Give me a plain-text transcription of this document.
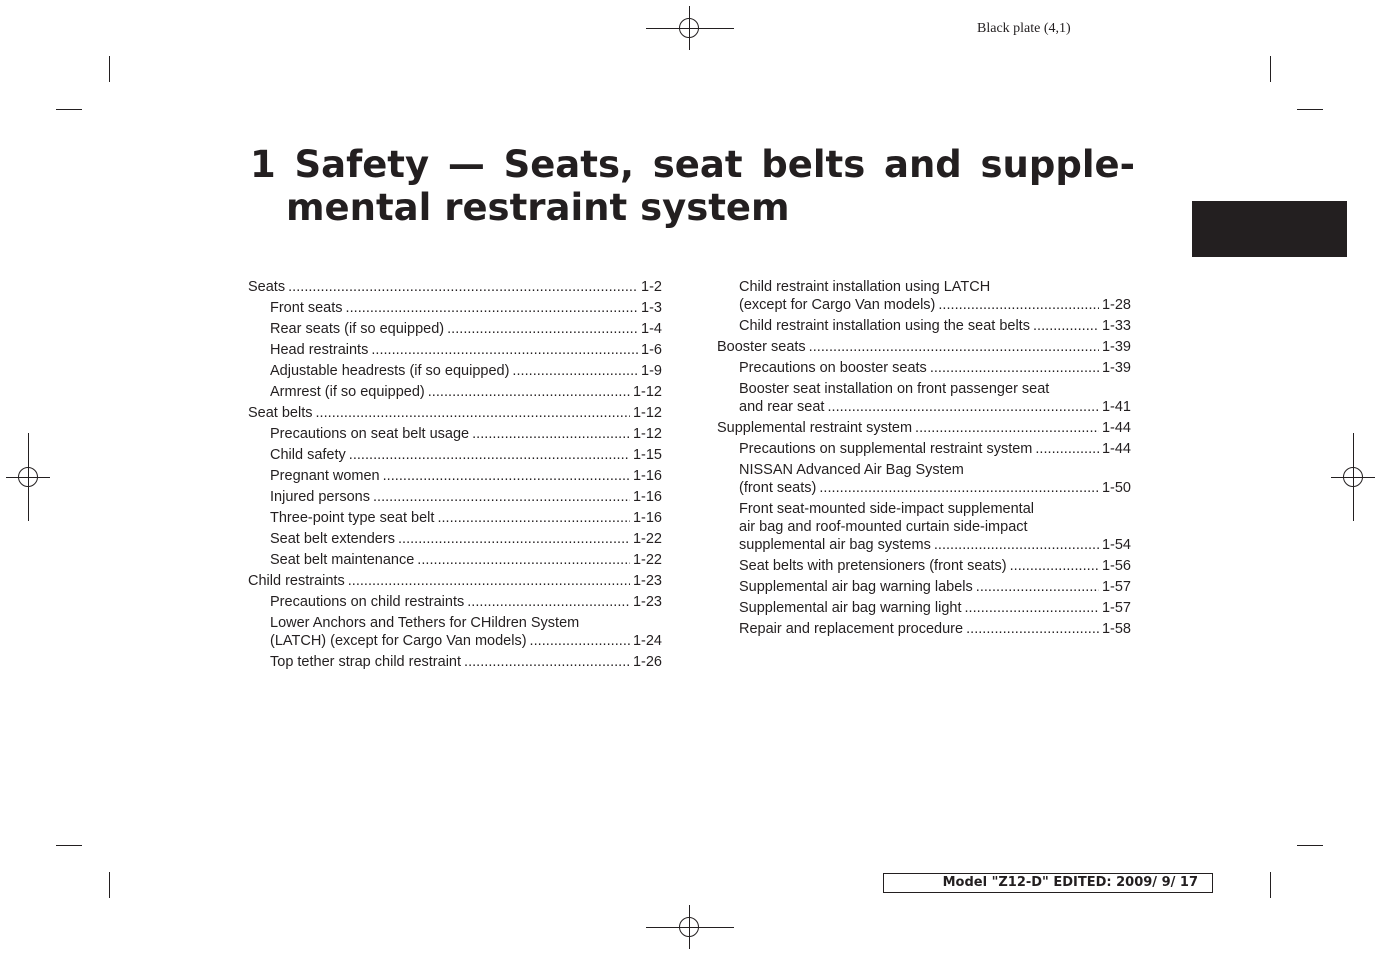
Black plate (4,1)
1 Safety — Seats, seat belts and supple-
mental restraint system
Seats . . .	1-2
Front seats . . .	1-3
Rear seats (if so equipped) . . .	1-4
Head restraints . . .	1-6
Adjustable headrests (if so equipped) . . .	1-9
Armrest (if so equipped) . . .	1-12
Seat belts . . .	1-12
Precautions on seat belt usage . . .	1-12
Child safety . . .	1-15
Pregnant women . . .	1-16
Injured persons . . .	1-16
Three-point type seat belt . . .	1-16
Seat belt extenders . . .	1-22
Seat belt maintenance . . .	1-22
Child restraints . . .	1-23
Precautions on child restraints . . .	1-23
Lower Anchors and Tethers for CHildren System
(LATCH) (except for Cargo Van models) . . .	1-24
Top tether strap child restraint . . .	1-26
Child restraint installation using LATCH
(except for Cargo Van models) . . .	1-28
Child restraint installation using the seat belts . . .	1-33
Booster seats . . .	1-39
Precautions on booster seats . . .	1-39
Booster seat installation on front passenger seat
and rear seat . . .	1-41
Supplemental restraint system . . .	1-44
Precautions on supplemental restraint system . . .	1-44
NISSAN Advanced Air Bag System
(front seats) . . .	1-50
Front seat-mounted side-impact supplemental
air bag and roof-mounted curtain side-impact
supplemental air bag systems . . .	1-54
Seat belts with pretensioners (front seats) . . .	1-56
Supplemental air bag warning labels . . .	1-57
Supplemental air bag warning light . . .	1-57
Repair and replacement procedure . . .	1-58
Model "Z12-D" EDITED: 2009/ 9/ 17
